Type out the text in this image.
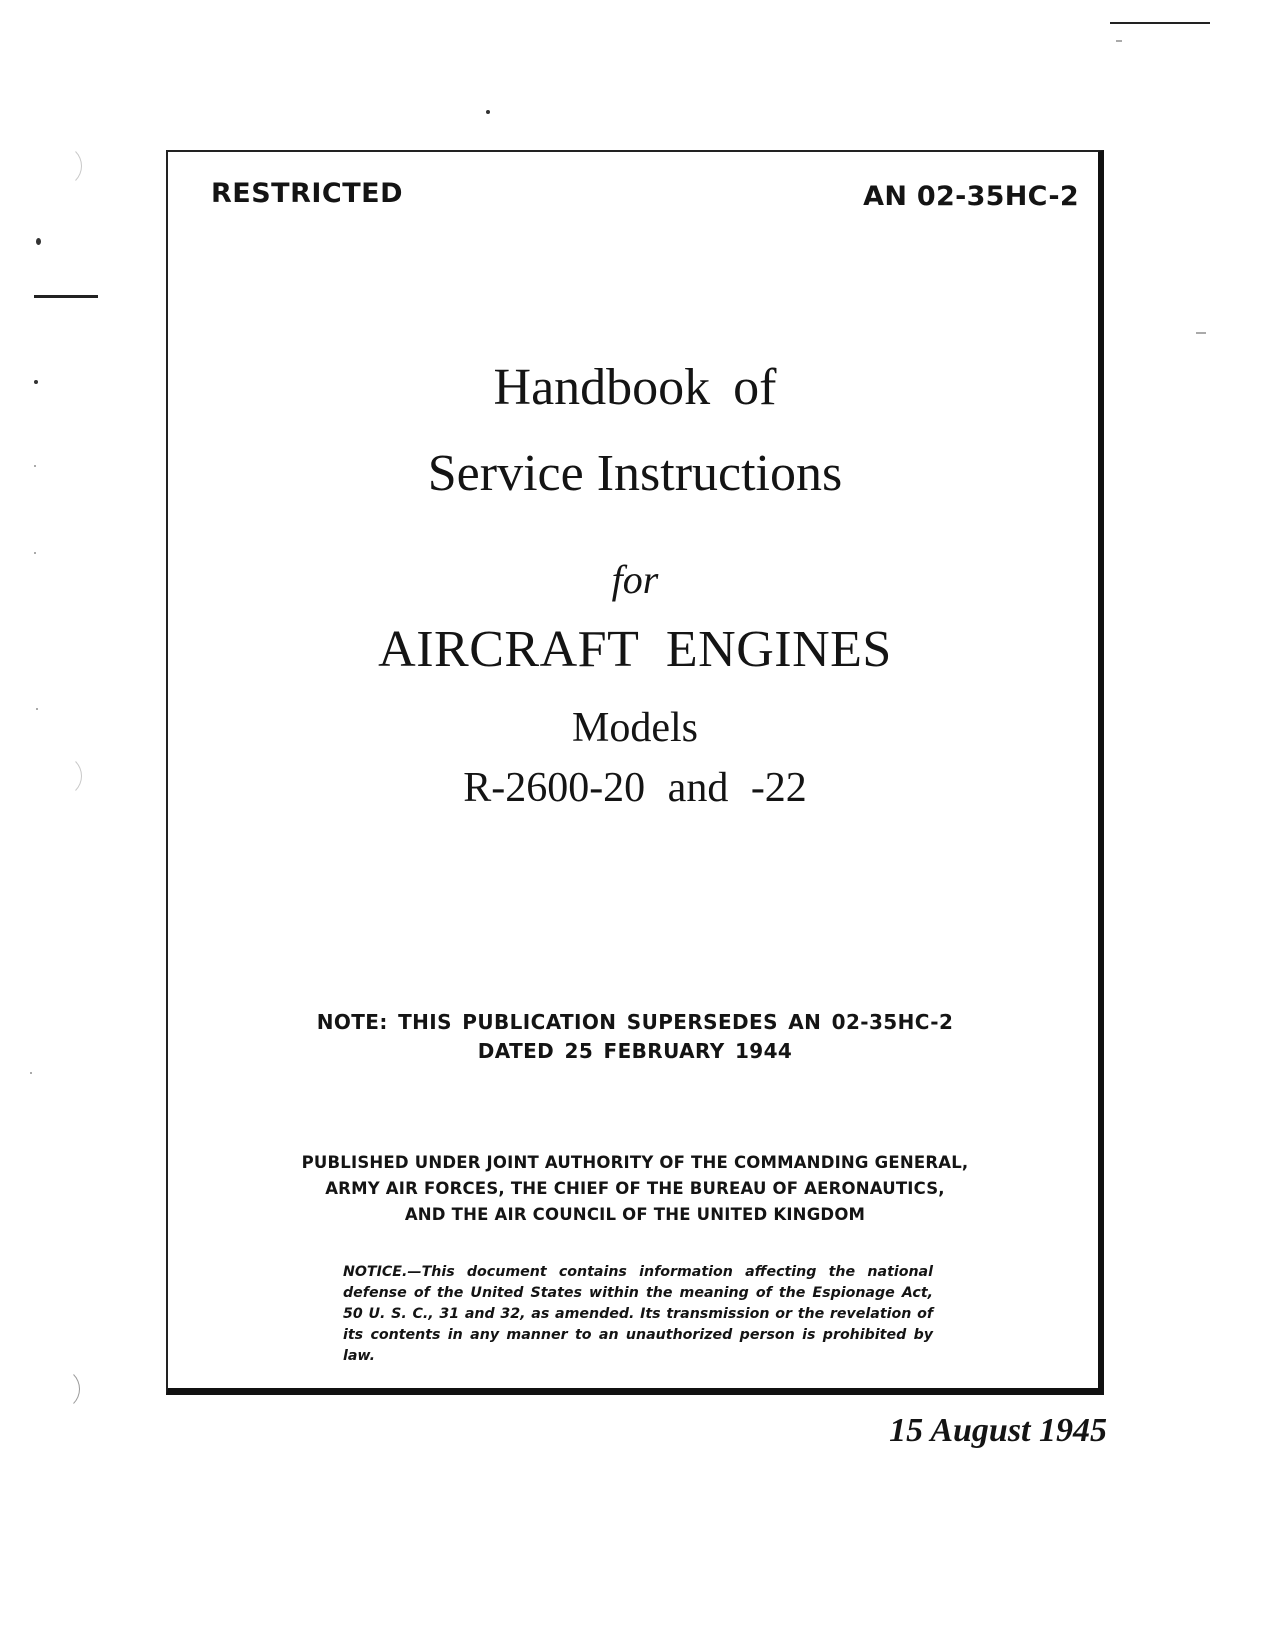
RESTRICTED	AN 02-35HC-2
Handbook of
Service Instructions
for
AIRCRAFT ENGINES
Models
R-2600-20 and -22
NOTE: THIS PUBLICATION SUPERSEDES AN 02-35HC-2
DATED 25 FEBRUARY 1944
PUBLISHED UNDER JOINT AUTHORITY OF THE COMMANDING GENERAL,
ARMY AIR FORCES, THE CHIEF OF THE BUREAU OF AERONAUTICS,
AND THE AIR COUNCIL OF THE UNITED KINGDOM
NOTICE.—This document contains information affecting the national defense of the United States within the meaning of the Espionage Act, 50 U. S. C., 31 and 32, as amended. Its transmission or the revelation of its contents in any manner to an unauthorized person is prohibited by law.
15 August 1945
